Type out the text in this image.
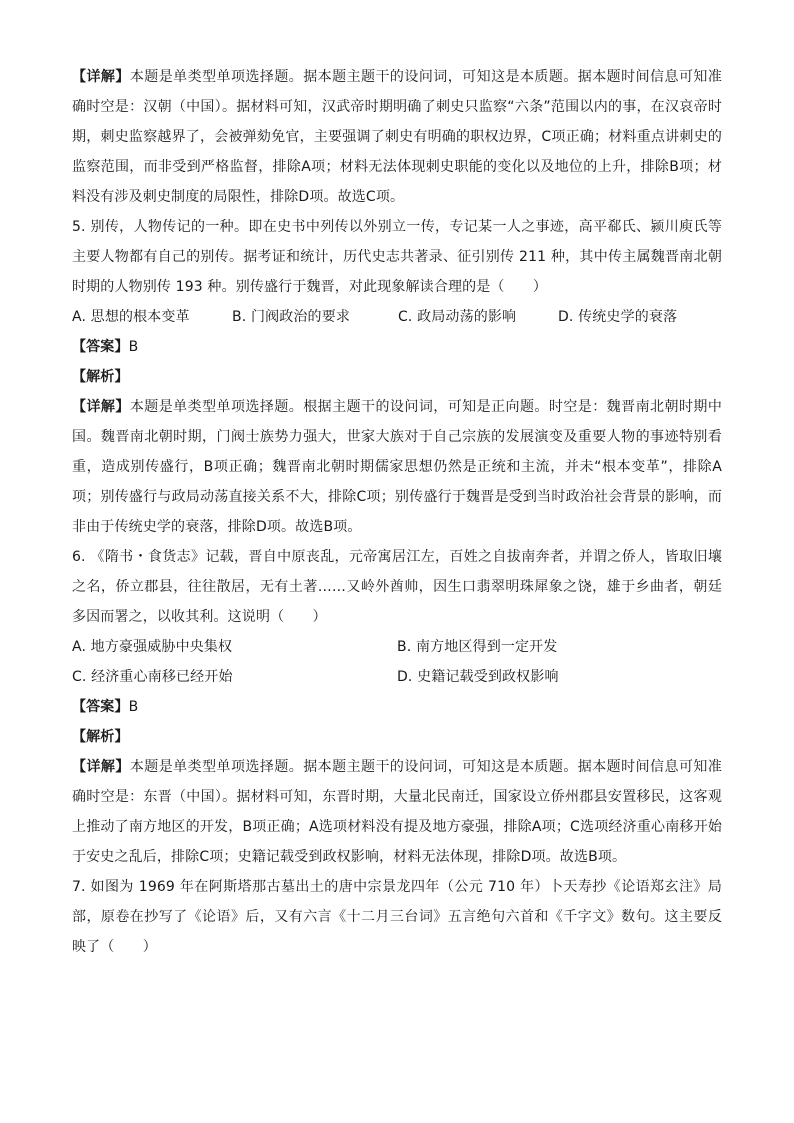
【详解】本题是单类型单项选择题。据本题主题干的设问词，可知这是本质题。据本题时间信息可知准确时空是：汉朝（中国）。据材料可知，汉武帝时期明确了刺史只监察“六条”范围以内的事，在汉哀帝时期，刺史监察越界了，会被弹劾免官，主要强调了刺史有明确的职权边界，C项正确；材料重点讲刺史的监察范围，而非受到严格监督，排除A项；材料无法体现刺史职能的变化以及地位的上升，排除B项；材料没有涉及刺史制度的局限性，排除D项。故选C项。

5. 别传，人物传记的一种。即在史书中列传以外别立一传，专记某一人之事迹，高平郗氏、颍川庾氏等主要人物都有自己的别传。据考证和统计，历代史志共著录、征引别传 211 种，其中传主属魏晋南北朝时期的人物别传 193 种。别传盛行于魏晋，对此现象解读合理的是（　　）

A. 思想的根本变革	B. 门阀政治的要求	C. 政局动荡的影响	D. 传统史学的衰落

【答案】B

【解析】

【详解】本题是单类型单项选择题。根据主题干的设问词，可知是正向题。时空是：魏晋南北朝时期中国。魏晋南北朝时期，门阀士族势力强大，世家大族对于自己宗族的发展演变及重要人物的事迹特别看重，造成别传盛行，B项正确；魏晋南北朝时期儒家思想仍然是正统和主流，并未“根本变革”，排除A项；别传盛行与政局动荡直接关系不大，排除C项；别传盛行于魏晋是受到当时政治社会背景的影响，而非由于传统史学的衰落，排除D项。故选B项。

6. 《隋书・食货志》记载，晋自中原丧乱，元帝寓居江左，百姓之自拔南奔者，并谓之侨人，皆取旧壤之名，侨立郡县，往往散居，无有土著……又岭外酋帅，因生口翡翠明珠犀象之饶，雄于乡曲者，朝廷多因而署之，以收其利。这说明（　　）

A. 地方豪强威胁中央集权	B. 南方地区得到一定开发
C. 经济重心南移已经开始	D. 史籍记载受到政权影响

【答案】B

【解析】

【详解】本题是单类型单项选择题。据本题主题干的设问词，可知这是本质题。据本题时间信息可知准确时空是：东晋（中国）。据材料可知，东晋时期，大量北民南迁，国家设立侨州郡县安置移民，这客观上推动了南方地区的开发，B项正确；A选项材料没有提及地方豪强，排除A项；C选项经济重心南移开始于安史之乱后，排除C项；史籍记载受到政权影响，材料无法体现，排除D项。故选B项。

7. 如图为 1969 年在阿斯塔那古墓出土的唐中宗景龙四年（公元 710 年）卜天寿抄《论语郑玄注》局部，原卷在抄写了《论语》后，又有六言《十二月三台词》五言绝句六首和《千字文》数句。这主要反映了（　　）
